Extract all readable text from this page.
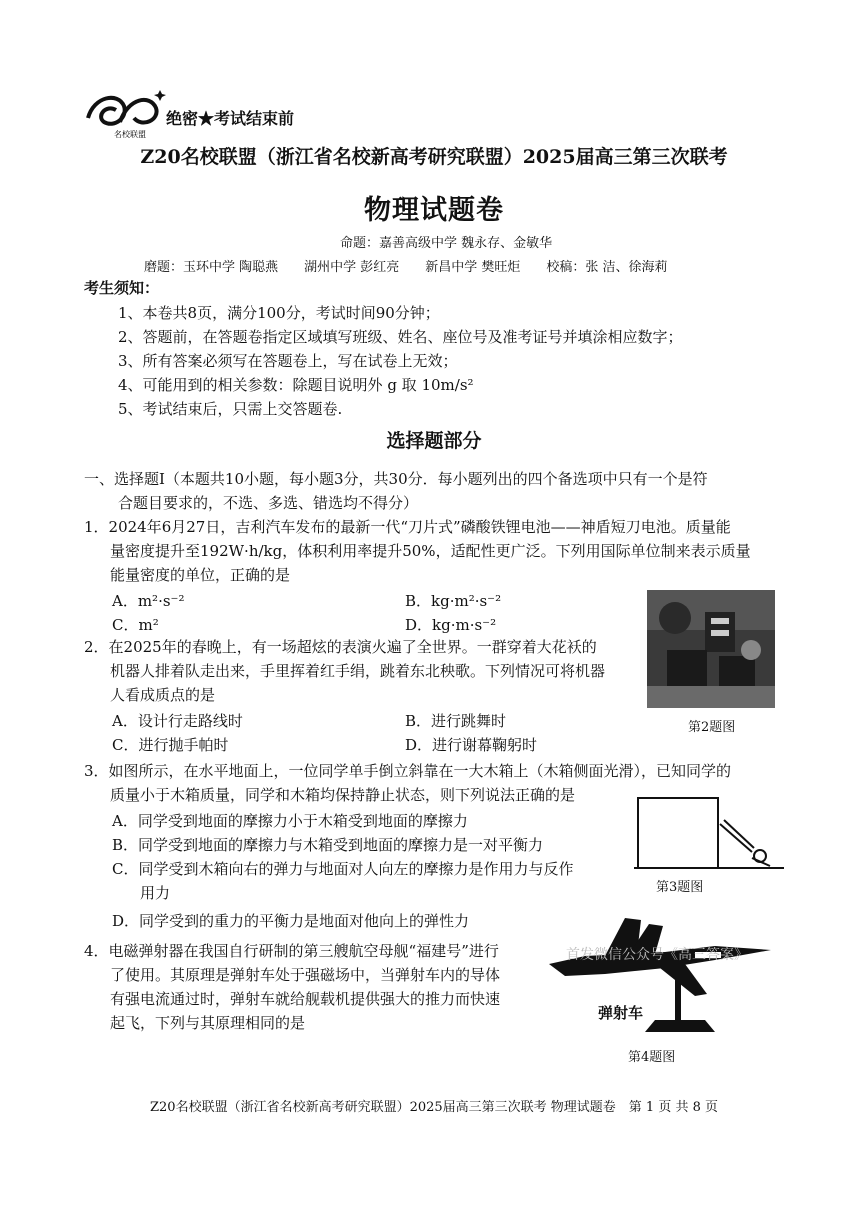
名校联盟
绝密★考试结束前
Z20名校联盟（浙江省名校新高考研究联盟）2025届高三第三次联考
物理试题卷
命题：嘉善高级中学 魏永存、金敏华
磨题：玉环中学 陶聪燕　　湖州中学 彭红亮　　新昌中学 樊旺炬　　校稿：张 洁、徐海莉
考生须知：
1、本卷共8页，满分100分，考试时间90分钟；
2、答题前，在答题卷指定区域填写班级、姓名、座位号及准考证号并填涂相应数字；
3、所有答案必须写在答题卷上，写在试卷上无效；
4、可能用到的相关参数：除题目说明外 g 取 10m/s²
5、考试结束后，只需上交答题卷.
选择题部分
一、选择题Ⅰ（本题共10小题，每小题3分，共30分．每小题列出的四个备选项中只有一个是符
合题目要求的，不选、多选、错选均不得分）
1．2024年6月27日，吉利汽车发布的最新一代“刀片式”磷酸铁锂电池——神盾短刀电池。质量能
量密度提升至192W·h/kg，体积利用率提升50%，适配性更广泛。下列用国际单位制来表示质量
能量密度的单位，正确的是
A．m²·s⁻²	B．kg·m²·s⁻²
C．m²	D．kg·m·s⁻²
第2题图
2．在2025年的春晚上，有一场超炫的表演火遍了全世界。一群穿着大花袄的
机器人排着队走出来，手里挥着红手绢，跳着东北秧歌。下列情况可将机器
人看成质点的是
A．设计行走路线时	B．进行跳舞时
C．进行抛手帕时	D．进行谢幕鞠躬时
3．如图所示，在水平地面上，一位同学单手倒立斜靠在一大木箱上（木箱侧面光滑），已知同学的
质量小于木箱质量，同学和木箱均保持静止状态，则下列说法正确的是
A．同学受到地面的摩擦力小于木箱受到地面的摩擦力
B．同学受到地面的摩擦力与木箱受到地面的摩擦力是一对平衡力
C．同学受到木箱向右的弹力与地面对人向左的摩擦力是作用力与反作
用力
D．同学受到的重力的平衡力是地面对他向上的弹性力
第3题图
4．电磁弹射器在我国自行研制的第三艘航空母舰“福建号”进行
了使用。其原理是弹射车处于强磁场中，当弹射车内的导体
有强电流通过时，弹射车就给舰载机提供强大的推力而快速
起飞，下列与其原理相同的是
弹射车
第4题图
首发微信公众号《高三答案》
Z20名校联盟（浙江省名校新高考研究联盟）2025届高三第三次联考 物理试题卷　第 1 页 共 8 页
